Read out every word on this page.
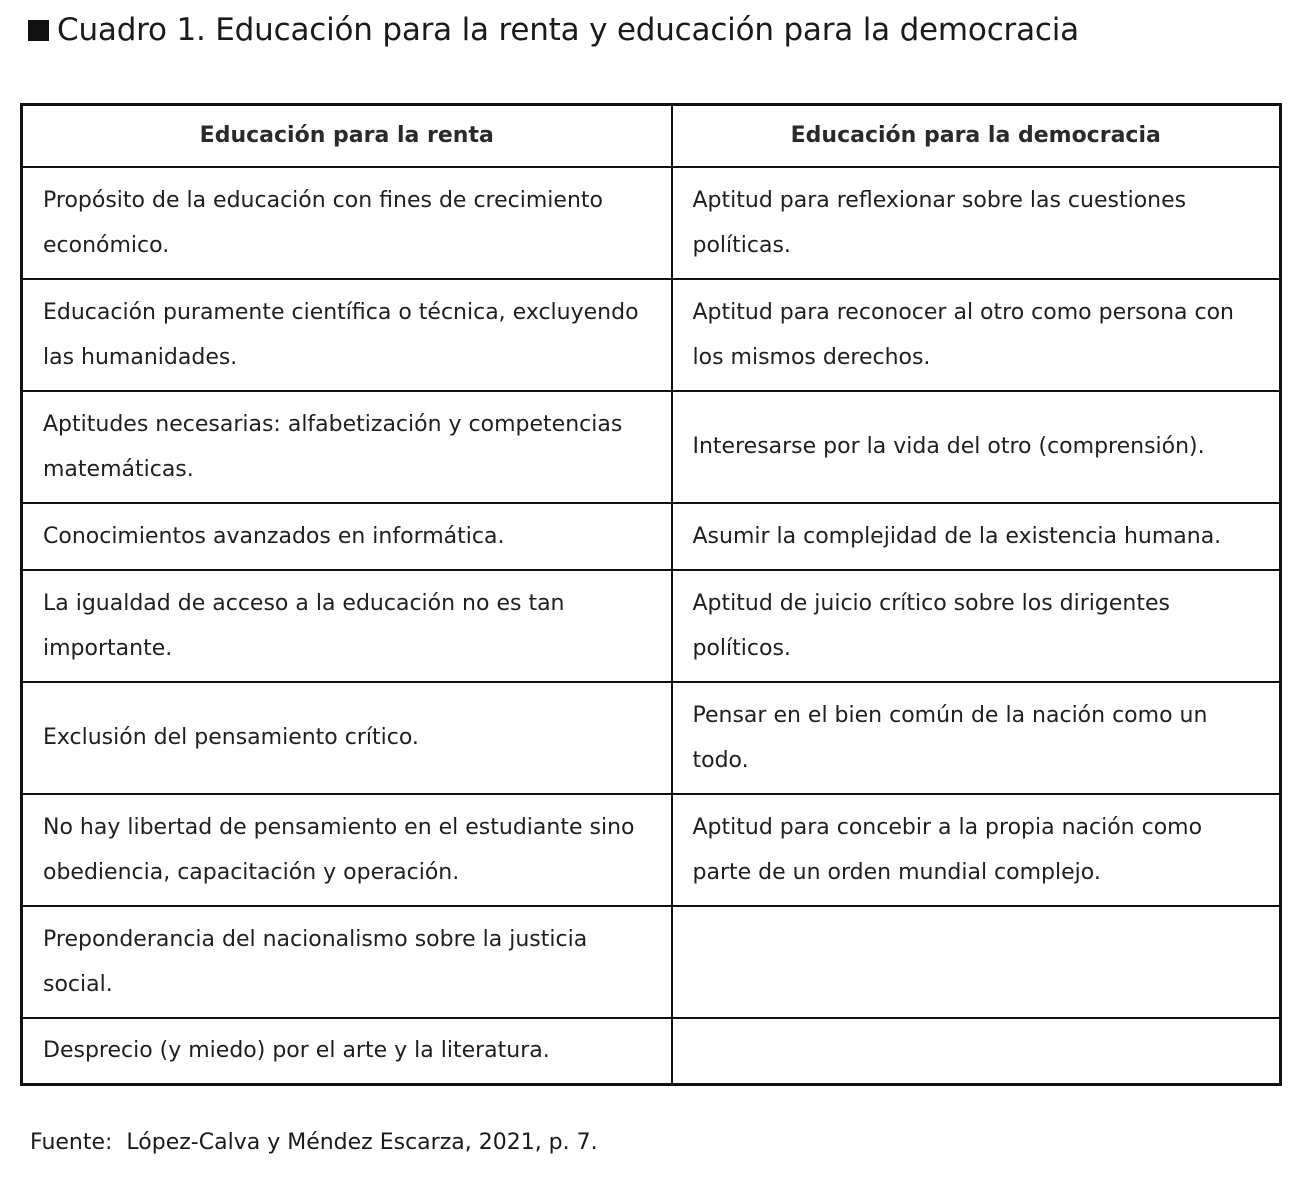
Cuadro 1. Educación para la renta y educación para la democracia
Educación para la renta	Educación para la democracia
Propósito de la educación con fines de crecimiento económico.	Aptitud para reflexionar sobre las cuestiones políticas.
Educación puramente científica o técnica, excluyendo las humanidades.	Aptitud para reconocer al otro como persona con los mismos derechos.
Aptitudes necesarias: alfabetización y competencias matemáticas.	Interesarse por la vida del otro (comprensión).
Conocimientos avanzados en informática.	Asumir la complejidad de la existencia humana.
La igualdad de acceso a la educación no es tan importante.	Aptitud de juicio crítico sobre los dirigentes políticos.
Exclusión del pensamiento crítico.	Pensar en el bien común de la nación como un todo.
No hay libertad de pensamiento en el estudiante sino obediencia, capacitación y operación.	Aptitud para concebir a la propia nación como parte de un orden mundial complejo.
Preponderancia del nacionalismo sobre la justicia social.	
Desprecio (y miedo) por el arte y la literatura.	
Fuente:  López-Calva y Méndez Escarza, 2021, p. 7.
